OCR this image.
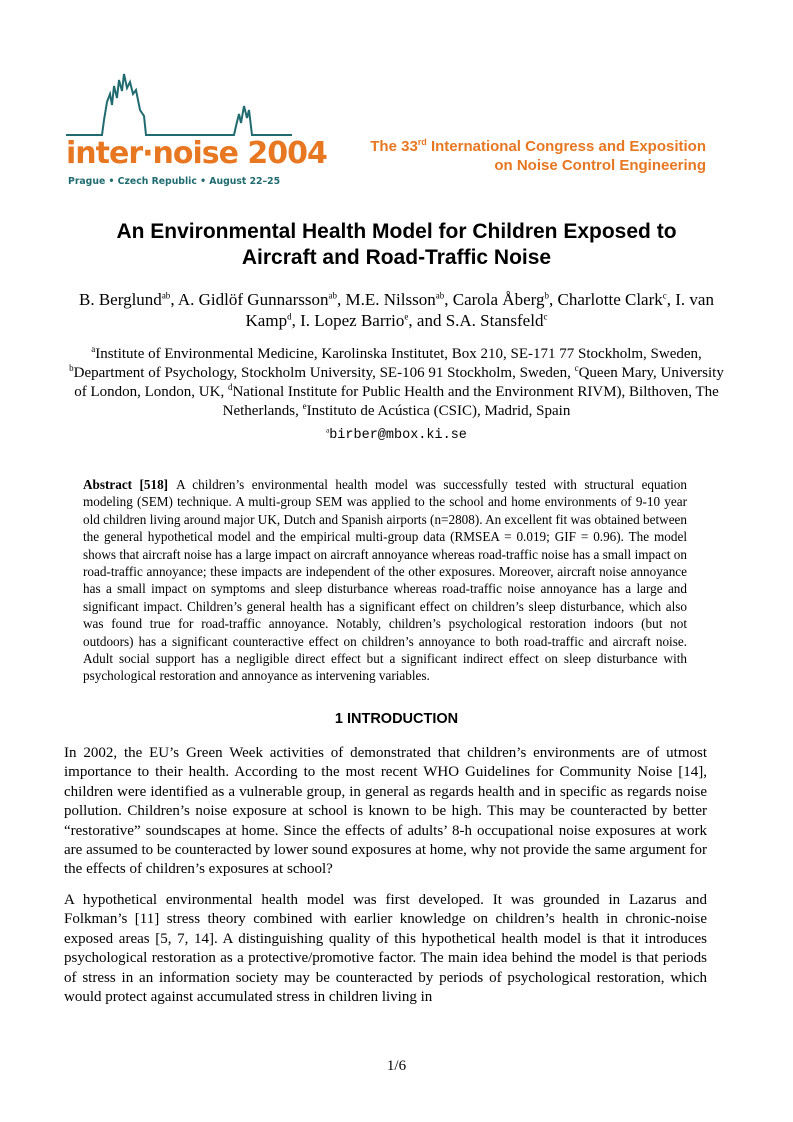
inter·noise 2004
Prague • Czech Republic • August 22–25
The 33rd International Congress and Exposition
on Noise Control Engineering
An Environmental Health Model for Children Exposed to
Aircraft and Road-Traffic Noise
B. Berglund$^{ab}$, A. Gidlöf Gunnarsson$^{ab}$, M.E. Nilsson$^{ab}$, Carola Åberg$^b$, Charlotte Clark$^c$, I. van Kamp$^d$, I. Lopez Barrio$^e$, and S.A. Stansfeld$^c$
$^a$Institute of Environmental Medicine, Karolinska Institutet, Box 210, SE-171 77 Stockholm, Sweden, $^b$Department of Psychology, Stockholm University, SE-106 91 Stockholm, Sweden, $^c$Queen Mary, University of London, London, UK, $^d$National Institute for Public Health and the Environment RIVM), Bilthoven, The Netherlands, $^e$Instituto de Acústica (CSIC), Madrid, Spain
$^a$birber@mbox.ki.se
Abstract [518] A children’s environmental health model was successfully tested with structural equation modeling (SEM) technique. A multi-group SEM was applied to the school and home environments of 9-10 year old children living around major UK, Dutch and Spanish airports (n=2808). An excellent fit was obtained between the general hypothetical model and the empirical multi-group data (RMSEA = 0.019; GIF = 0.96). The model shows that aircraft noise has a large impact on aircraft annoyance whereas road-traffic noise has a small impact on road-traffic annoyance; these impacts are independent of the other exposures. Moreover, aircraft noise annoyance has a small impact on symptoms and sleep disturbance whereas road-traffic noise annoyance has a large and significant impact. Children’s general health has a significant effect on children’s sleep disturbance, which also was found true for road-traffic annoyance. Notably, children’s psychological restoration indoors (but not outdoors) has a significant counteractive effect on children’s annoyance to both road-traffic and aircraft noise. Adult social support has a negligible direct effect but a significant indirect effect on sleep disturbance with psychological restoration and annoyance as intervening variables.
1 INTRODUCTION
In 2002, the EU’s Green Week activities of demonstrated that children’s environments are of utmost importance to their health. According to the most recent WHO Guidelines for Community Noise [14], children were identified as a vulnerable group, in general as regards health and in specific as regards noise pollution. Children’s noise exposure at school is known to be high. This may be counteracted by better “restorative” soundscapes at home. Since the effects of adults’ 8-h occupational noise exposures at work are assumed to be counteracted by lower sound exposures at home, why not provide the same argument for the effects of children’s exposures at school?
A hypothetical environmental health model was first developed. It was grounded in Lazarus and Folkman’s [11] stress theory combined with earlier knowledge on children’s health in chronic-noise exposed areas [5, 7, 14]. A distinguishing quality of this hypothetical health model is that it introduces psychological restoration as a protective/promotive factor. The main idea behind the model is that periods of stress in an information society may be counteracted by periods of psychological restoration, which would protect against accumulated stress in children living in
1/6
